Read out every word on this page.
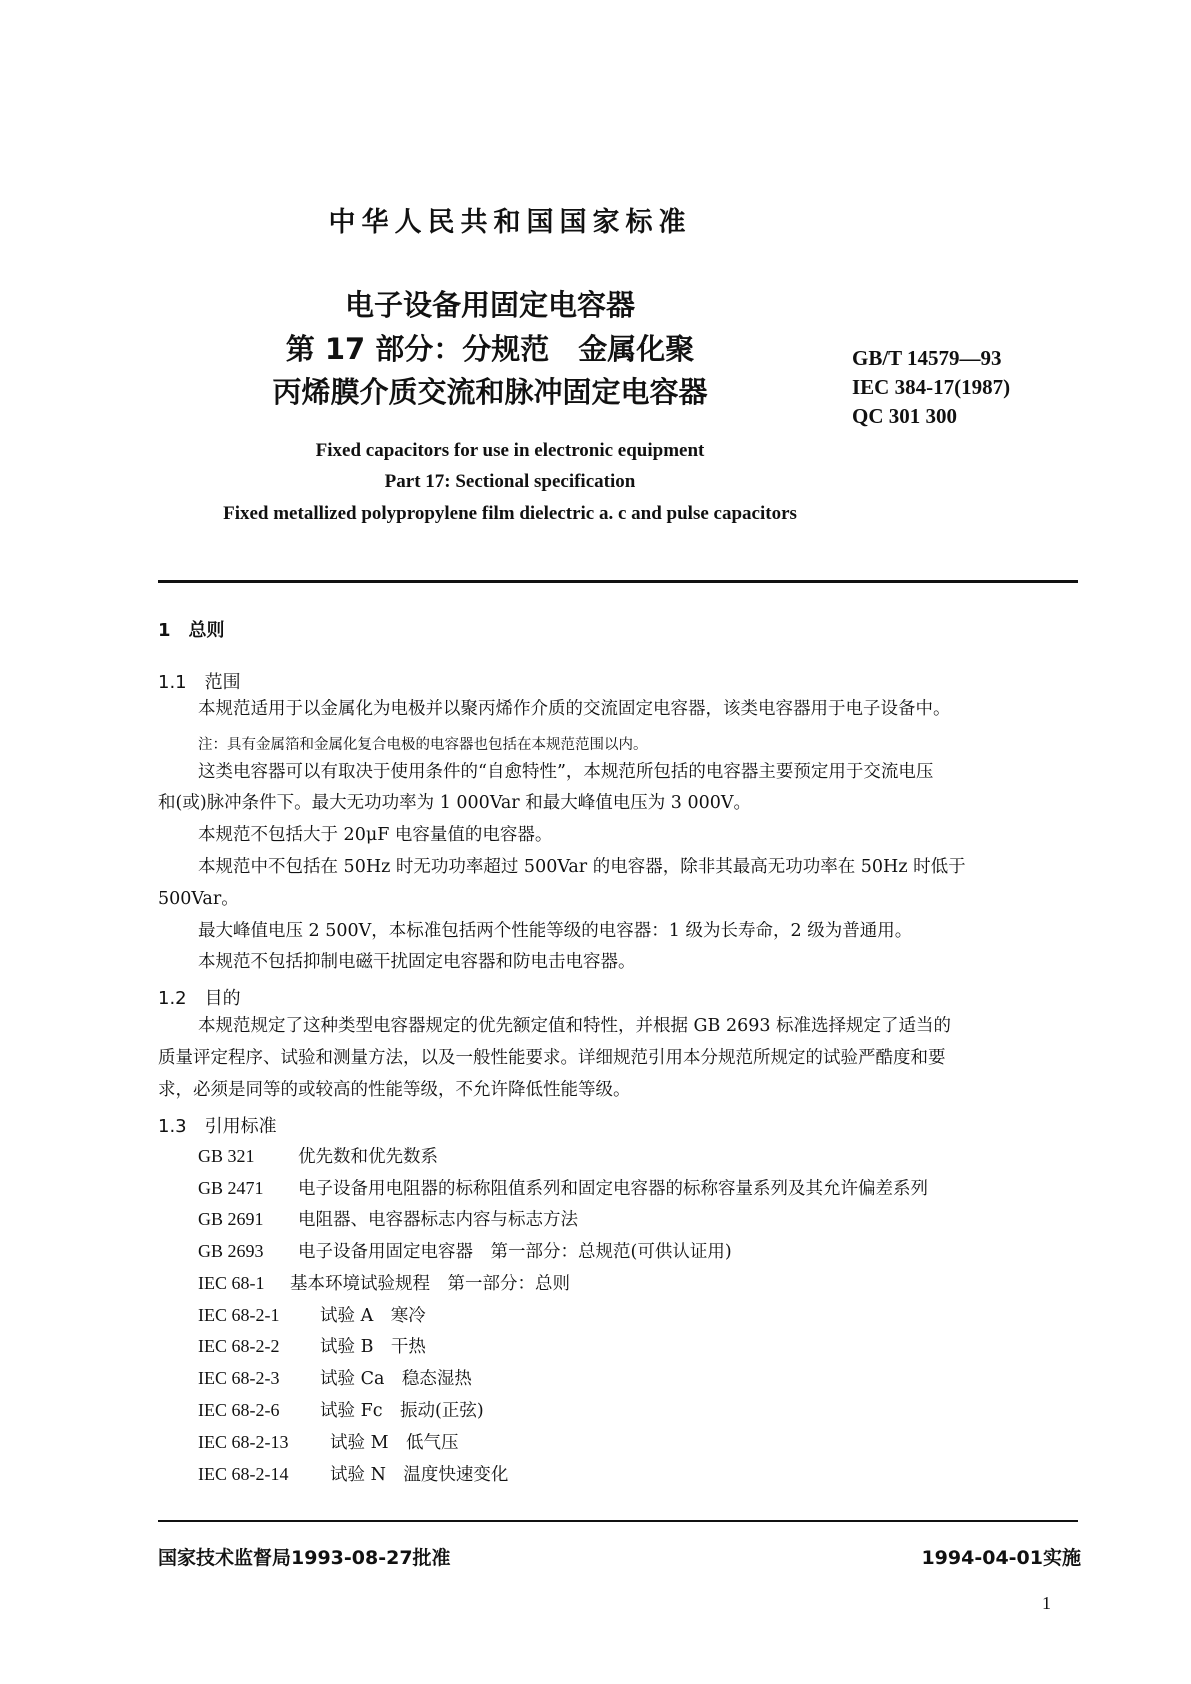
中华人民共和国国家标准
电子设备用固定电容器
第 17 部分：分规范　金属化聚
丙烯膜介质交流和脉冲固定电容器
GB/T 14579—93
IEC 384-17(1987)
QC 301 300
Fixed capacitors for use in electronic equipment
Part 17: Sectional specification
Fixed metallized polypropylene film dielectric a. c and pulse capacitors
1　总则
1.1　范围
本规范适用于以金属化为电极并以聚丙烯作介质的交流固定电容器，该类电容器用于电子设备中。
注：具有金属箔和金属化复合电极的电容器也包括在本规范范围以内。
这类电容器可以有取决于使用条件的“自愈特性”，本规范所包括的电容器主要预定用于交流电压
和(或)脉冲条件下。最大无功功率为 1 000Var 和最大峰值电压为 3 000V。
本规范不包括大于 20μF 电容量值的电容器。
本规范中不包括在 50Hz 时无功功率超过 500Var 的电容器，除非其最高无功功率在 50Hz 时低于
500Var。
最大峰值电压 2 500V，本标准包括两个性能等级的电容器：1 级为长寿命，2 级为普通用。
本规范不包括抑制电磁干扰固定电容器和防电击电容器。
1.2　目的
本规范规定了这种类型电容器规定的优先额定值和特性，并根据 GB 2693 标准选择规定了适当的
质量评定程序、试验和测量方法，以及一般性能要求。详细规范引用本分规范所规定的试验严酷度和要
求，必须是同等的或较高的性能等级，不允许降低性能等级。
1.3　引用标准
GB 321 优先数和优先数系
GB 2471 电子设备用电阻器的标称阻值系列和固定电容器的标称容量系列及其允许偏差系列
GB 2691 电阻器、电容器标志内容与标志方法
GB 2693 电子设备用固定电容器　第一部分：总规范(可供认证用)
IEC 68-1 基本环境试验规程　第一部分：总则
IEC 68-2-1 试验 A　寒冷
IEC 68-2-2 试验 B　干热
IEC 68-2-3 试验 Ca　稳态湿热
IEC 68-2-6 试验 Fc　振动(正弦)
IEC 68-2-13 试验 M　低气压
IEC 68-2-14 试验 N　温度快速变化
国家技术监督局1993-08-27批准	1994-04-01实施
1
